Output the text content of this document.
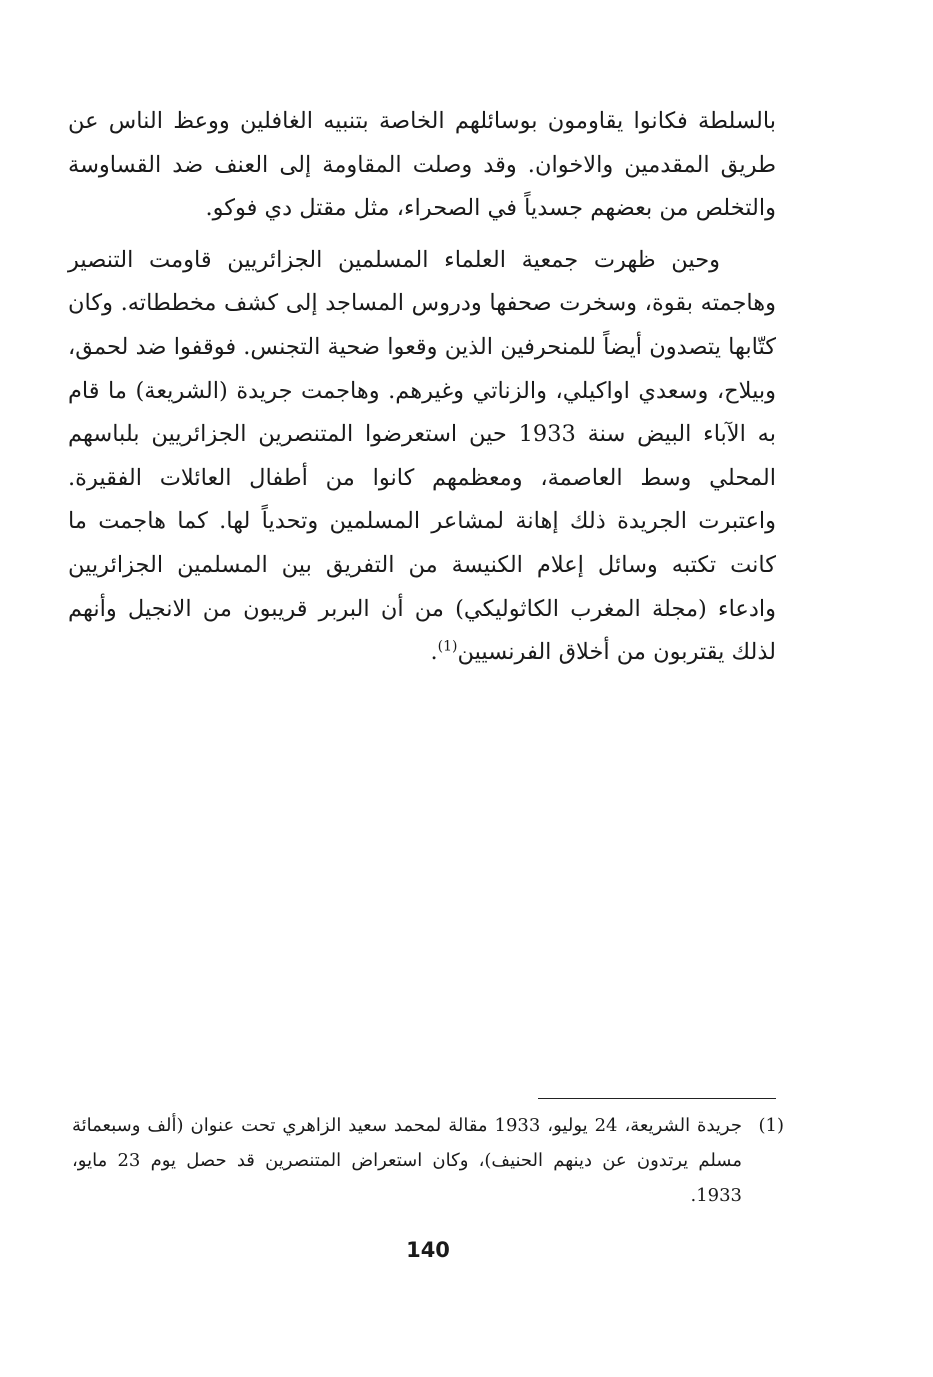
بالسلطة فكانوا يقاومون بوسائلهم الخاصة بتنبيه الغافلين ووعظ الناس عن طريق المقدمين والاخوان. وقد وصلت المقاومة إلى العنف ضد القساوسة والتخلص من بعضهم جسدياً في الصحراء، مثل مقتل دي فوكو.

وحين ظهرت جمعية العلماء المسلمين الجزائريين قاومت التنصير وهاجمته بقوة، وسخرت صحفها ودروس المساجد إلى كشف مخططاته. وكان كتّابها يتصدون أيضاً للمنحرفين الذين وقعوا ضحية التجنس. فوقفوا ضد لحمق، وبيلاح، وسعدي اواكيلي، والزناتي وغيرهم. وهاجمت جريدة (الشريعة) ما قام به الآباء البيض سنة 1933 حين استعرضوا المتنصرين الجزائريين بلباسهم المحلي وسط العاصمة، ومعظمهم كانوا من أطفال العائلات الفقيرة. واعتبرت الجريدة ذلك إهانة لمشاعر المسلمين وتحدياً لها. كما هاجمت ما كانت تكتبه وسائل إعلام الكنيسة من التفريق بين المسلمين الجزائريين وادعاء (مجلة المغرب الكاثوليكي) من أن البربر قريبون من الانجيل وأنهم لذلك يقتربون من أخلاق الفرنسيين$^{(1)}$.

(1)
جريدة الشريعة، 24 يوليو، 1933 مقالة لمحمد سعيد الزاهري تحت عنوان (ألف وسبعمائة مسلم يرتدون عن دينهم الحنيف)، وكان استعراض المتنصرين قد حصل يوم 23 مايو، 1933.
140
